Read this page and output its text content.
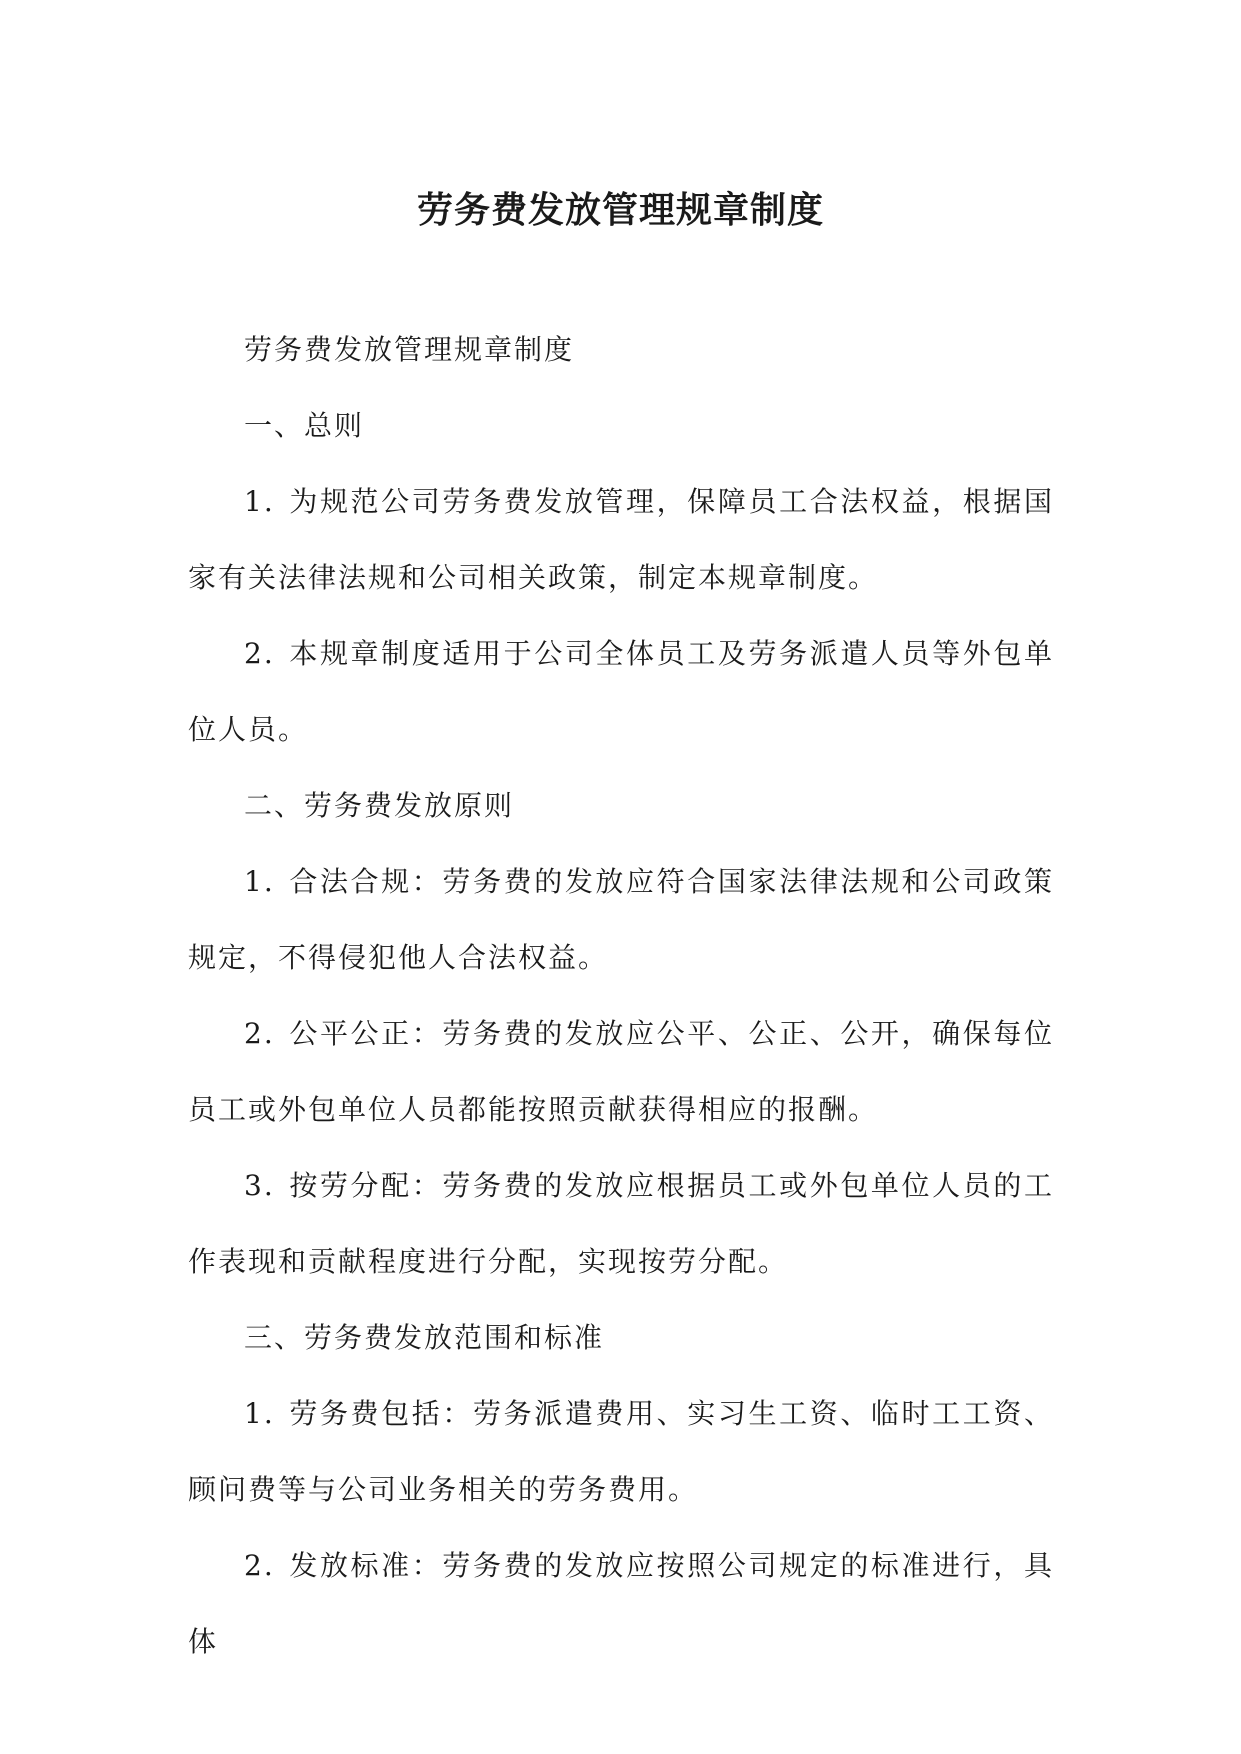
劳务费发放管理规章制度

劳务费发放管理规章制度

一、总则

1. 为规范公司劳务费发放管理，保障员工合法权益，根据国家有关法律法规和公司相关政策，制定本规章制度。

2. 本规章制度适用于公司全体员工及劳务派遣人员等外包单位人员。

二、劳务费发放原则

1. 合法合规：劳务费的发放应符合国家法律法规和公司政策规定，不得侵犯他人合法权益。

2. 公平公正：劳务费的发放应公平、公正、公开，确保每位员工或外包单位人员都能按照贡献获得相应的报酬。

3. 按劳分配：劳务费的发放应根据员工或外包单位人员的工作表现和贡献程度进行分配，实现按劳分配。

三、劳务费发放范围和标准

1. 劳务费包括：劳务派遣费用、实习生工资、临时工工资、顾问费等与公司业务相关的劳务费用。

2. 发放标准：劳务费的发放应按照公司规定的标准进行，具体
